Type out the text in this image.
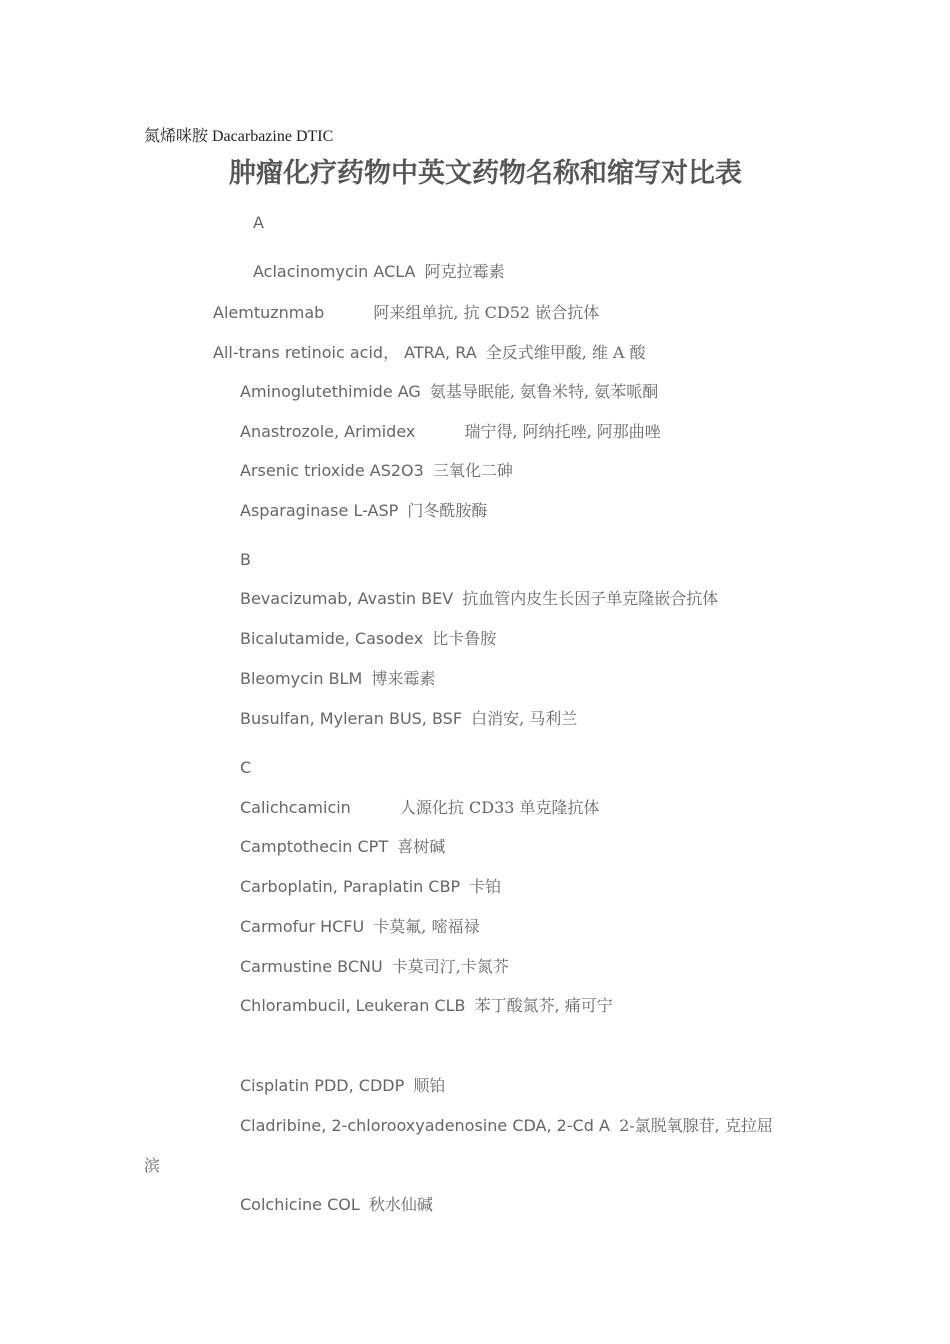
氮烯咪胺 Dacarbazine DTIC
肿瘤化疗药物中英文药物名称和缩写对比表
A
Aclacinomycin ACLA 阿克拉霉素
Alemtuznmab	阿来组单抗, 抗 CD52 嵌合抗体
All-trans retinoic acid， ATRA, RA 全反式维甲酸, 维 A 酸
Aminoglutethimide AG 氨基导眠能, 氨鲁米特, 氨苯哌酮
Anastrozole, Arimidex	瑞宁得, 阿纳托唑, 阿那曲唑
Arsenic trioxide AS2O3 三氧化二砷
Asparaginase L-ASP 门冬酰胺酶
B
Bevacizumab, Avastin BEV 抗血管内皮生长因子单克隆嵌合抗体
Bicalutamide, Casodex 比卡鲁胺
Bleomycin BLM 博来霉素
Busulfan, Myleran BUS, BSF 白消安, 马利兰
C
Calichcamicin	人源化抗 CD33 单克隆抗体
Camptothecin CPT 喜树碱
Carboplatin, Paraplatin CBP 卡铂
Carmofur HCFU 卡莫氟, 嘧福禄
Carmustine BCNU 卡莫司汀,卡氮芥
Chlorambucil, Leukeran CLB 苯丁酸氮芥, 痛可宁
Cisplatin PDD, CDDP 顺铂
Cladribine, 2-chlorooxyadenosine CDA, 2-Cd A 2-氯脱氧腺苷, 克拉屈
滨
Colchicine COL 秋水仙碱
